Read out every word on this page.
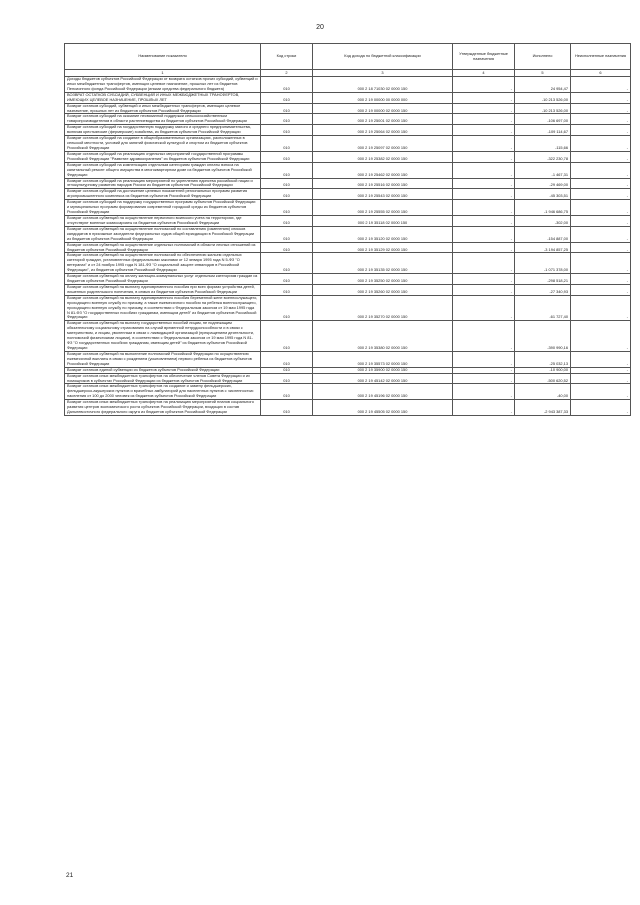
20
Наименование показателя	Код строки	Код дохода по бюджетной классификации	Утвержденные бюджетные назначения	Исполнено	Неисполненные назначения
1	2	3	4	5	6
Доходы бюджетов субъектов Российской Федерации от возврата остатков прочих субсидий, субвенций и иных межбюджетных трансфертов, имеющих целевое назначение, прошлых лет из бюджетов Пенсионного фонда Российской Федерации (иными средства федерального бюджета)	010	000 2 18 71030 02 0000 150	-	24 954,47	-
ВОЗВРАТ ОСТАТКОВ СУБСИДИЙ, СУБВЕНЦИЙ И ИНЫХ МЕЖБЮДЖЕТНЫХ ТРАНСФЕРТОВ, ИМЕЮЩИХ ЦЕЛЕВОЕ НАЗНАЧЕНИЕ, ПРОШЛЫХ ЛЕТ	010	000 2 19 00000 00 0000 000	-	-10 213 526,00	-
Возврат остатков субсидий, субвенций и иных межбюджетных трансфертов, имеющих целевое назначение, прошлых лет из бюджетов субъектов Российской Федерации	010	000 2 19 00000 02 0000 150	-	-10 213 526,00	-
Возврат остатков субсидий на оказание несвязанной поддержки сельскохозяйственным товаропроизводителям в области растениеводства из бюджетов субъектов Российской Федерации	010	000 2 19 25001 02 0000 150	-	-106 697,00	-
Возврат остатков субсидий на государственную поддержку малого и среднего предпринимательства, включая крестьянские (фермерские) хозяйства, из бюджетов субъектов Российской Федерации	010	000 2 19 25064 02 0000 150	-	-109 114,67	-
Возврат остатков субсидий на создание в общеобразовательных организациях, расположенных в сельской местности, условий для занятий физической культурой и спортом из бюджетов субъектов Российской Федерации	010	000 2 19 25097 02 0000 150	-	-115,66	-
Возврат остатков субсидий на реализацию отдельных мероприятий государственной программы Российской Федерации "Развитие здравоохранения" из бюджетов субъектов Российской Федерации	010	000 2 19 25382 02 0000 150	-	-322 230,78	-
Возврат остатков субсидий на компенсацию отдельным категориям граждан оплаты взноса на капитальный ремонт общего имущества в многоквартирном доме из бюджетов субъектов Российской Федерации	010	000 2 19 25462 02 0000 150	-	-1 467,31	-
Возврат остатков субсидий на реализацию мероприятий по укреплению единства российской нации и этнокультурному развитию народов России из бюджетов субъектов Российской Федерации	010	000 2 19 25516 02 0000 150	-	-29 469,00	-
Возврат остатков субсидий на достижение целевых показателей региональных программ развития агропромышленного комплекса из бюджетов субъектов Российской Федерации	010	000 2 19 25543 02 0000 150	-	-45 303,51	-
Возврат остатков субсидий на поддержку государственных программ субъектов Российской Федерации и муниципальных программ формирования современной городской среды из бюджетов субъектов Российской Федерации	010	000 2 19 25555 02 0000 150	-	-1 946 686,75	-
Возврат остатков субвенций на осуществление первичного воинского учета на территориях, где отсутствуют военные комиссариаты из бюджетов субъектов Российской Федерации	010	000 2 19 35118 02 0000 150	-	-302,00	-
Возврат остатков субвенций на осуществление полномочий по составлению (изменению) списков кандидатов в присяжные заседатели федеральных судов общей юрисдикции в Российской Федерации из бюджетов субъектов Российской Федерации	010	000 2 19 35120 02 0000 150	-	-154 887,00	-
Возврат остатков субвенций на осуществление отдельных полномочий в области лесных отношений из бюджетов субъектов Российской Федерации	010	000 2 19 35129 02 0000 150	-	-3 194 857,25	-
Возврат остатков субвенций на осуществление полномочий по обеспечению жильем отдельных категорий граждан, установленных федеральными законами от 12 января 1995 года N 5-ФЗ "О ветеранах" и от 24 ноября 1995 года N 181-ФЗ "О социальной защите инвалидов в Российской Федерации", из бюджетов субъектов Российской Федерации	010	000 2 19 35135 02 0000 150	-	-1 071 378,00	-
Возврат остатков субвенций на оплату жилищно-коммунальных услуг отдельным категориям граждан из бюджетов субъектов Российской Федерации	010	000 2 19 35250 02 0000 150	-	-298 518,21	-
Возврат остатков субвенций на выплату единовременного пособия при всех формах устройства детей, лишенных родительского попечения, в семью из бюджетов субъектов Российской Федерации	010	000 2 19 35260 02 0000 150	-	-27 340,93	-
Возврат остатков субвенций на выплату единовременного пособия беременной жене военнослужащего, проходящего военную службу по призыву, а также ежемесячного пособия на ребенка военнослужащего, проходящего военную службу по призыву, в соответствии с Федеральным законом от 19 мая 1995 года N 81-ФЗ "О государственных пособиях гражданам, имеющим детей" из бюджетов субъектов Российской Федерации	010	000 2 19 35270 02 0000 150	-	-61 727,40	-
Возврат остатков субвенций на выплату государственных пособий лицам, не подлежащим обязательному социальному страхованию на случай временной нетрудоспособности и в связи с материнством, и лицам, уволенным в связи с ликвидацией организаций (прекращением деятельности, полномочий физическими лицами), в соответствии с Федеральным законом от 19 мая 1995 года N 81-ФЗ "О государственных пособиях гражданам, имеющим детей" из бюджетов субъектов Российской Федерации	010	000 2 19 35380 02 0000 150	-	-390 990,16	-
Возврат остатков субвенций на выполнение полномочий Российской Федерации по осуществлению ежемесячной выплаты в связи с рождением (усыновлением) первого ребенка из бюджетов субъектов Российской Федерации	010	000 2 19 35573 02 0000 150	-	-25 032,13	-
Возврат остатков единой субвенции из бюджетов субъектов Российской Федерации	010	000 2 19 35900 02 0000 150	-	-10 900,00	-
Возврат остатков иных межбюджетных трансфертов на обеспечение членов Совета Федерации и их помощников в субъектах Российской Федерации из бюджетов субъектов Российской Федерации	010	000 2 19 45142 02 0000 150	-	-500 620,52	-
Возврат остатков иных межбюджетных трансфертов на создание и замену фельдшерских, фельдшерско-акушерских пунктов и врачебных амбулаторий для населенных пунктов с численностью населения от 100 до 2000 человек из бюджетов субъектов Российской Федерации	010	000 2 19 45196 02 0000 150	-	-40,00	-
Возврат остатков иных межбюджетных трансфертов на реализацию мероприятий планов социального развития центров экономического роста субъектов Российской Федерации, входящих в состав Дальневосточного федерального округа из бюджетов субъектов Российской Федерации	010	000 2 19 45505 02 0000 150	-	-2 943 387,33	-
21
